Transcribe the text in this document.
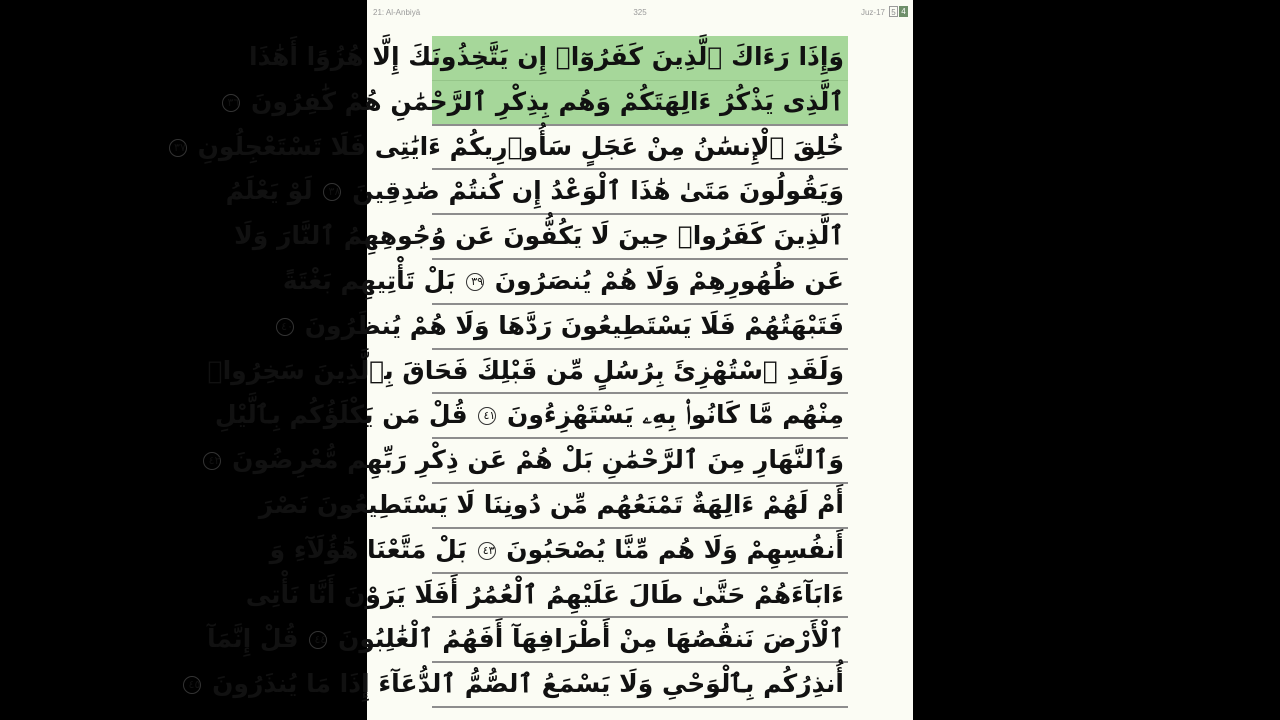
21: Al-Anbiyā	325	Juz-17 5 4
وَإِذَا رَءَاكَ ٱلَّذِينَ كَفَرُوٓا۟ إِن يَتَّخِذُونَكَ إِلَّا هُزُوًا أَهَٰذَا
ٱلَّذِى يَذْكُرُ ءَالِهَتَكُمْ وَهُم بِذِكْرِ ٱلرَّحْمَٰنِ هُمْ كَٰفِرُونَ ٣٦
خُلِقَ ٱلْإِنسَٰنُ مِنْ عَجَلٍ سَأُو۟رِيكُمْ ءَايَٰتِى فَلَا تَسْتَعْجِلُونِ ٣٧
وَيَقُولُونَ مَتَىٰ هَٰذَا ٱلْوَعْدُ إِن كُنتُمْ صَٰدِقِينَ ٣٨ لَوْ يَعْلَمُ
ٱلَّذِينَ كَفَرُوا۟ حِينَ لَا يَكُفُّونَ عَن وُجُوهِهِمُ ٱلنَّارَ وَلَا
عَن ظُهُورِهِمْ وَلَا هُمْ يُنصَرُونَ ٣٩ بَلْ تَأْتِيهِم بَغْتَةً
فَتَبْهَتُهُمْ فَلَا يَسْتَطِيعُونَ رَدَّهَا وَلَا هُمْ يُنظَرُونَ ٤٠
وَلَقَدِ ٱسْتُهْزِئَ بِرُسُلٍ مِّن قَبْلِكَ فَحَاقَ بِٱلَّذِينَ سَخِرُوا۟
مِنْهُم مَّا كَانُوا۟ بِهِۦ يَسْتَهْزِءُونَ ٤١ قُلْ مَن يَكْلَؤُكُم بِٱلَّيْلِ
وَٱلنَّهَارِ مِنَ ٱلرَّحْمَٰنِ بَلْ هُمْ عَن ذِكْرِ رَبِّهِم مُّعْرِضُونَ ٤٢
أَمْ لَهُمْ ءَالِهَةٌ تَمْنَعُهُم مِّن دُونِنَا لَا يَسْتَطِيعُونَ نَصْرَ
أَنفُسِهِمْ وَلَا هُم مِّنَّا يُصْحَبُونَ ٤٣ بَلْ مَتَّعْنَا هَٰٓؤُلَآءِ وَ
ءَابَآءَهُمْ حَتَّىٰ طَالَ عَلَيْهِمُ ٱلْعُمُرُ أَفَلَا يَرَوْنَ أَنَّا نَأْتِى
ٱلْأَرْضَ نَنقُصُهَا مِنْ أَطْرَافِهَآ أَفَهُمُ ٱلْغَٰلِبُونَ ٤٤ قُلْ إِنَّمَآ
أُنذِرُكُم بِٱلْوَحْىِ وَلَا يَسْمَعُ ٱلصُّمُّ ٱلدُّعَآءَ إِذَا مَا يُنذَرُونَ ٤٥
